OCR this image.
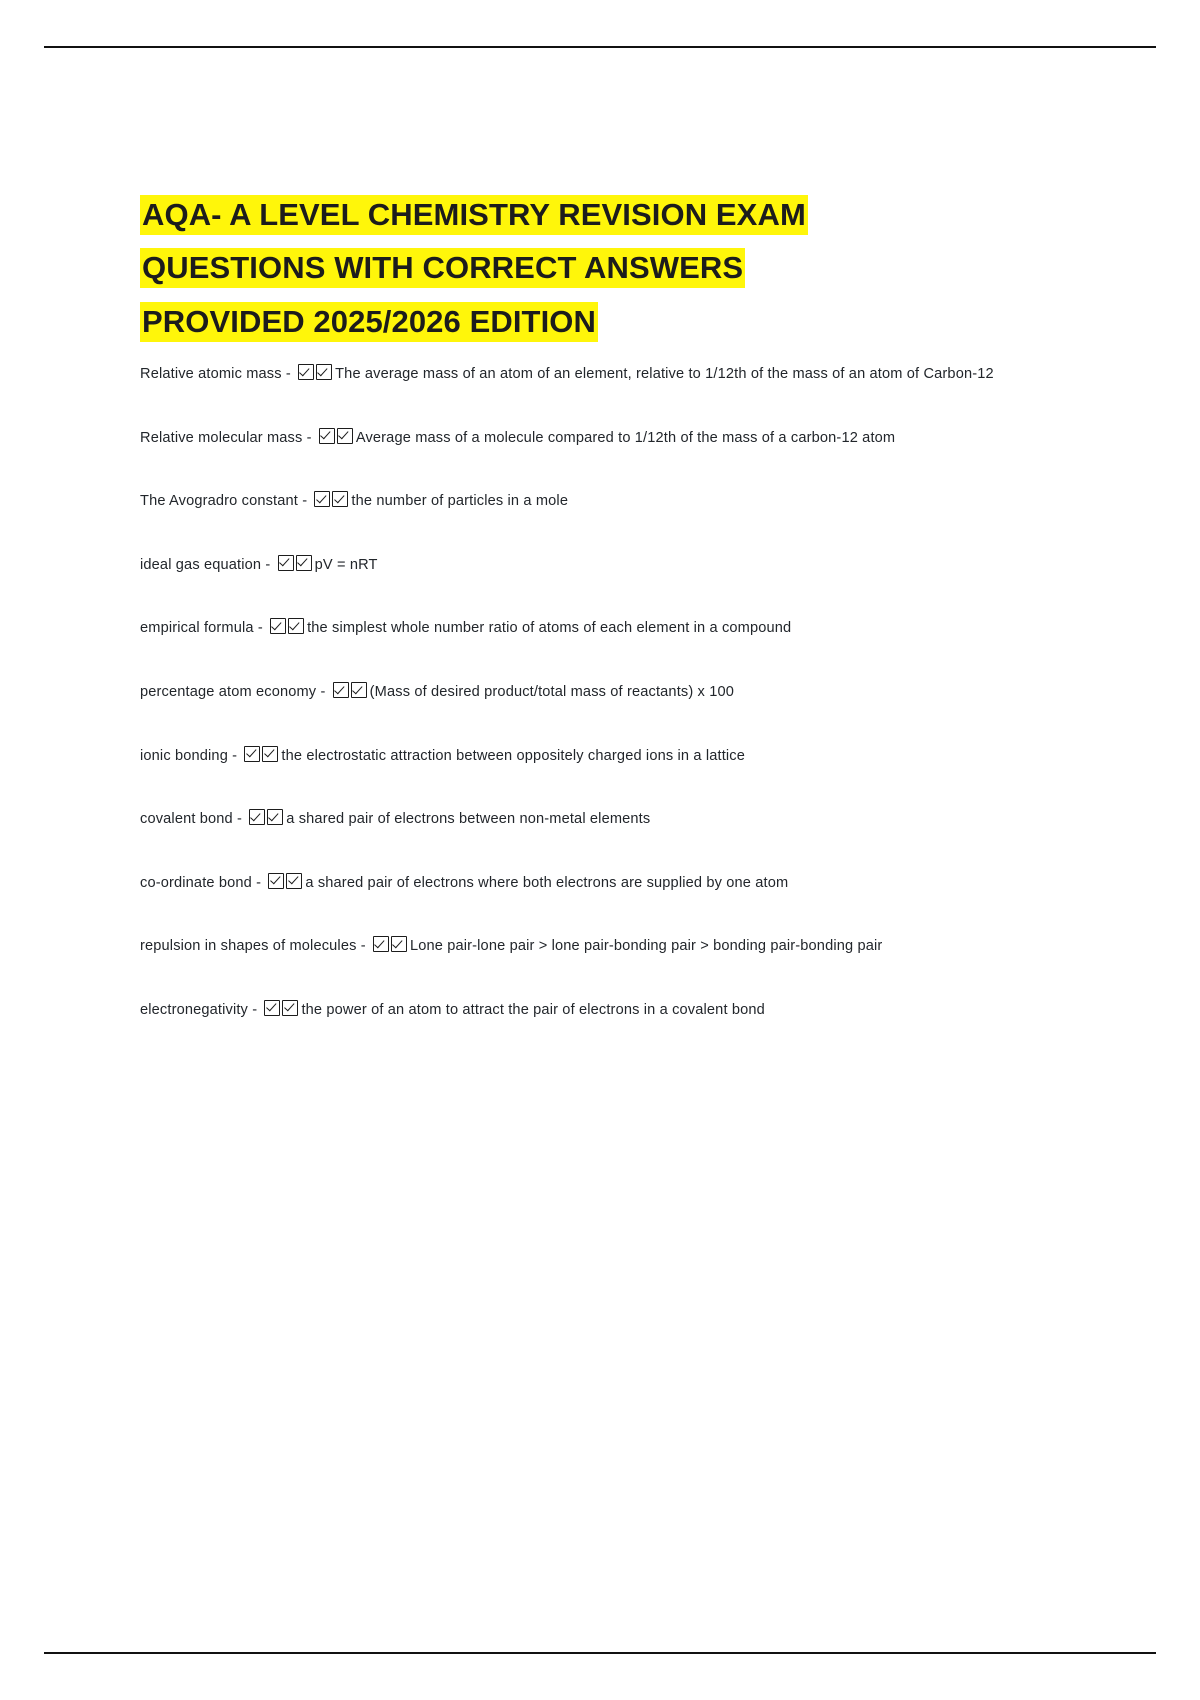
AQA- A LEVEL CHEMISTRY REVISION EXAM
QUESTIONS WITH CORRECT ANSWERS
PROVIDED 2025/2026 EDITION
Relative atomic mass -	The average mass of an atom of an element, relative to 1/12th of the mass of an atom of Carbon-12
Relative molecular mass -	Average mass of a molecule compared to 1/12th of the mass of a carbon-12 atom
The Avogradro constant -	the number of particles in a mole
ideal gas equation -	pV = nRT
empirical formula -	the simplest whole number ratio of atoms of each element in a compound
percentage atom economy -	(Mass of desired product/total mass of reactants) x 100
ionic bonding -	the electrostatic attraction between oppositely charged ions in a lattice
covalent bond -	a shared pair of electrons between non-metal elements
co-ordinate bond -	a shared pair of electrons where both electrons are supplied by one atom
repulsion in shapes of molecules -	Lone pair-lone pair > lone pair-bonding pair > bonding pair-bonding pair
electronegativity -	the power of an atom to attract the pair of electrons in a covalent bond
